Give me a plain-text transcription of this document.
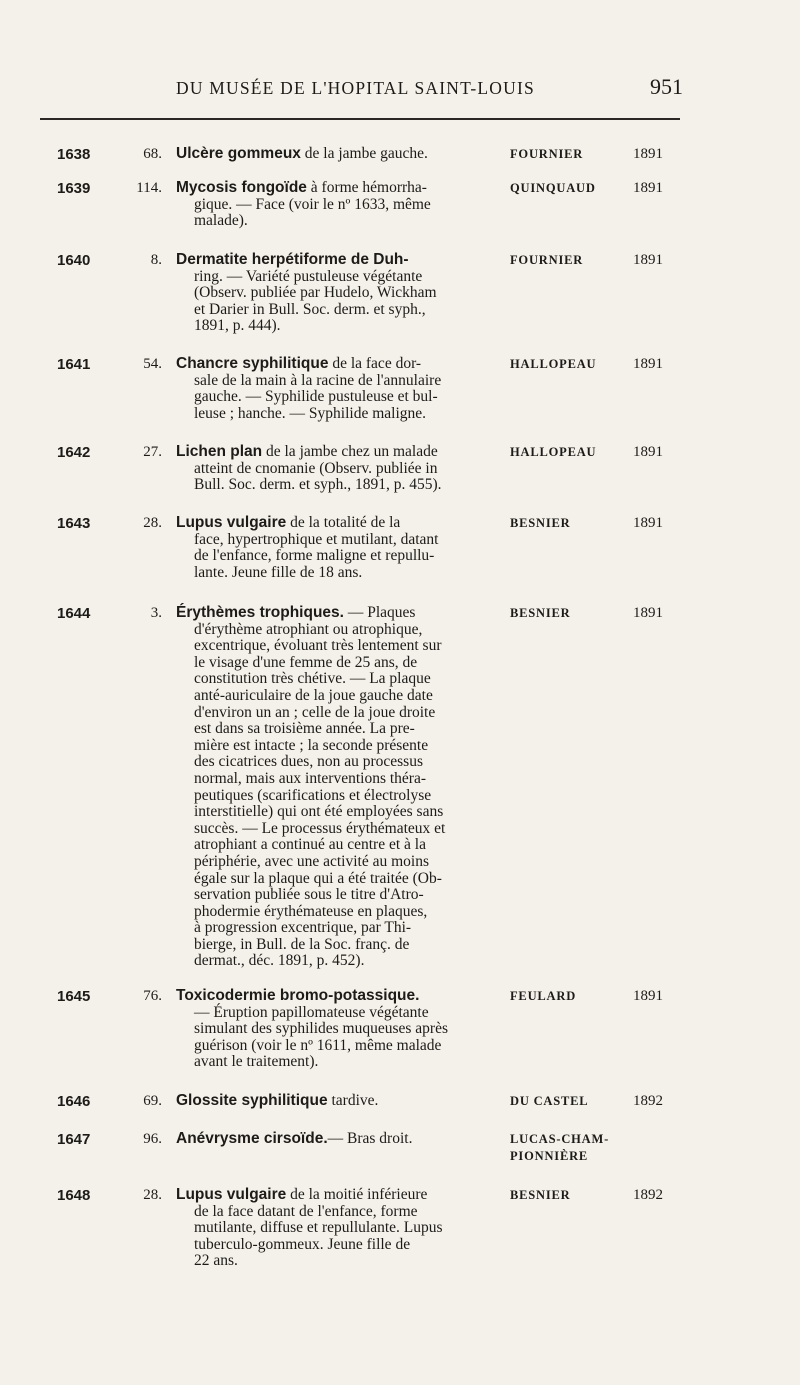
DU MUSÉE DE L'HOPITAL SAINT-LOUIS	951
1638	68. Ulcère gommeux de la jambe gauche.	FOURNIER	1891
1639	114. Mycosis fongoïde à forme hémorrha-
gique. — Face (voir le nº 1633, même
malade).
QUINQUAUD 1891
1640	8. Dermatite herpétiforme de Duh-
ring. — Variété pustuleuse végétante
(Observ. publiée par Hudelo, Wickham
et Darier in Bull. Soc. derm. et syph.,
1891, p. 444).
FOURNIER	1891
1641	54. Chancre syphilitique de la face dor-
sale de la main à la racine de l'annulaire
gauche. — Syphilide pustuleuse et bul-
leuse ; hanche. — Syphilide maligne.
HALLOPEAU 1891
1642	27. Lichen plan de la jambe chez un malade
atteint de cnomanie (Observ. publiée in
Bull. Soc. derm. et syph., 1891, p. 455).
HALLOPEAU 1891
1643	28. Lupus vulgaire de la totalité de la
face, hypertrophique et mutilant, datant
de l'enfance, forme maligne et repullu-
lante. Jeune fille de 18 ans.
BESNIER	1891
1644	3. Érythèmes trophiques. — Plaques
d'érythème atrophiant ou atrophique,
excentrique, évoluant très lentement sur
le visage d'une femme de 25 ans, de
constitution très chétive. — La plaque
anté-auriculaire de la joue gauche date
d'environ un an ; celle de la joue droite
est dans sa troisième année. La pre-
mière est intacte ; la seconde présente
des cicatrices dues, non au processus
normal, mais aux interventions théra-
peutiques (scarifications et électrolyse
interstitielle) qui ont été employées sans
succès. — Le processus érythémateux et
atrophiant a continué au centre et à la
périphérie, avec une activité au moins
égale sur la plaque qui a été traitée (Ob-
servation publiée sous le titre d'Atro-
phodermie érythémateuse en plaques,
à progression excentrique, par Thi-
bierge, in Bull. de la Soc. franç. de
dermat., déc. 1891, p. 452).
BESNIER	1891
1645	76. Toxicodermie bromo-potassique.
— Éruption papillomateuse végétante
simulant des syphilides muqueuses après
guérison (voir le nº 1611, même malade
avant le traitement).
FEULARD	1891
1646	69. Glossite syphilitique tardive.	DU CASTEL	1892
1647	96. Anévrysme cirsoïde.— Bras droit.	LUCAS-CHAM-
PIONNIÈRE
1648	28. Lupus vulgaire de la moitié inférieure
de la face datant de l'enfance, forme
mutilante, diffuse et repullulante. Lupus
tuberculo-gommeux. Jeune fille de
22 ans.
BESNIER	1892
